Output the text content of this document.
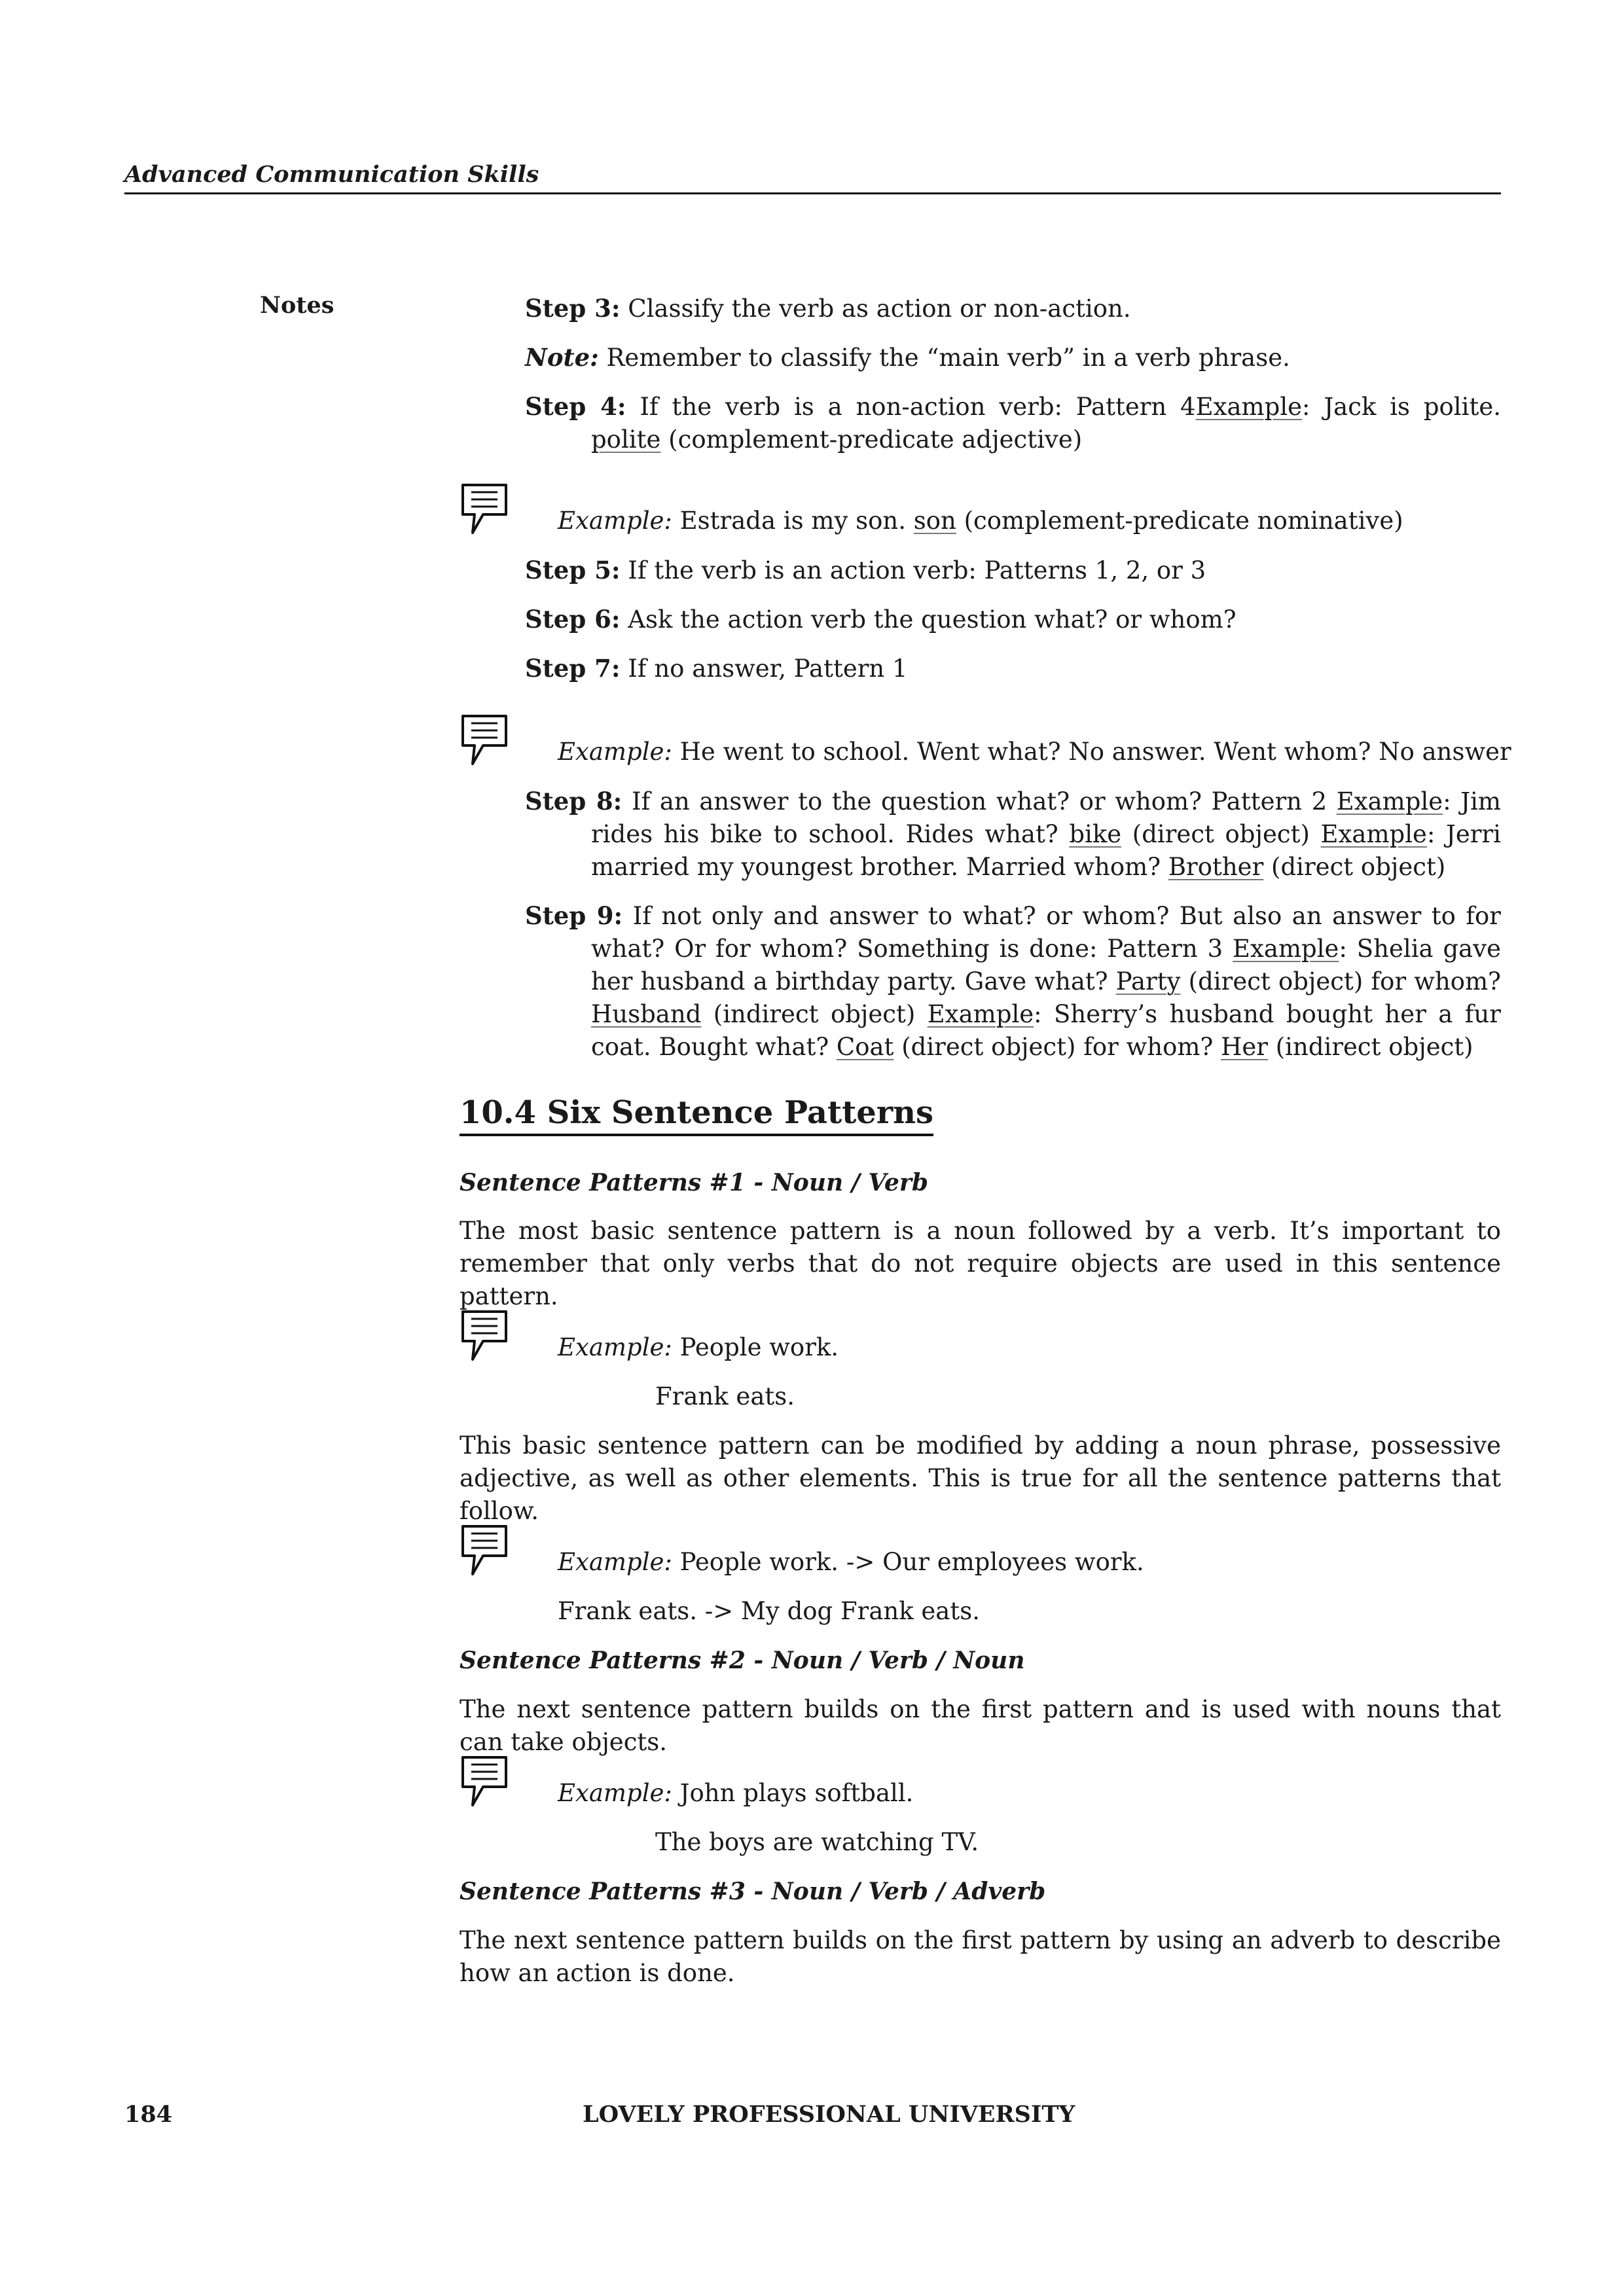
Advanced Communication Skills
Notes	Step 3: Classify the verb as action or non-action.
Note: Remember to classify the “main verb” in a verb phrase.
Step 4: If the verb is a non-action verb: Pattern 4Example: Jack is polite. polite (complement-predicate adjective)
Example: Estrada is my son. son (complement-predicate nominative)
Step 5: If the verb is an action verb: Patterns 1, 2, or 3
Step 6: Ask the action verb the question what? or whom?
Step 7: If no answer, Pattern 1
Example: He went to school. Went what? No answer. Went whom? No answer
Step 8: If an answer to the question what? or whom? Pattern 2 Example: Jim rides his bike to school. Rides what? bike (direct object) Example: Jerri married my youngest brother. Married whom? Brother (direct object)
Step 9: If not only and answer to what? or whom? But also an answer to for what? Or for whom? Something is done: Pattern 3 Example: Shelia gave her husband a birthday party. Gave what? Party (direct object) for whom? Husband (indirect object) Example: Sherry’s husband bought her a fur coat. Bought what? Coat (direct object) for whom? Her (indirect object)
10.4 Six Sentence Patterns
Sentence Patterns #1 - Noun / Verb
The most basic sentence pattern is a noun followed by a verb. It’s important to remember that only verbs that do not require objects are used in this sentence pattern.
Example: People work.
Frank eats.
This basic sentence pattern can be modified by adding a noun phrase, possessive adjective, as well as other elements. This is true for all the sentence patterns that follow.
Example: People work. -> Our employees work.
Frank eats. -> My dog Frank eats.
Sentence Patterns #2 - Noun / Verb / Noun
The next sentence pattern builds on the first pattern and is used with nouns that can take objects.
Example: John plays softball.
The boys are watching TV.
Sentence Patterns #3 - Noun / Verb / Adverb
The next sentence pattern builds on the first pattern by using an adverb to describe how an action is done.
184	LOVELY PROFESSIONAL UNIVERSITY
